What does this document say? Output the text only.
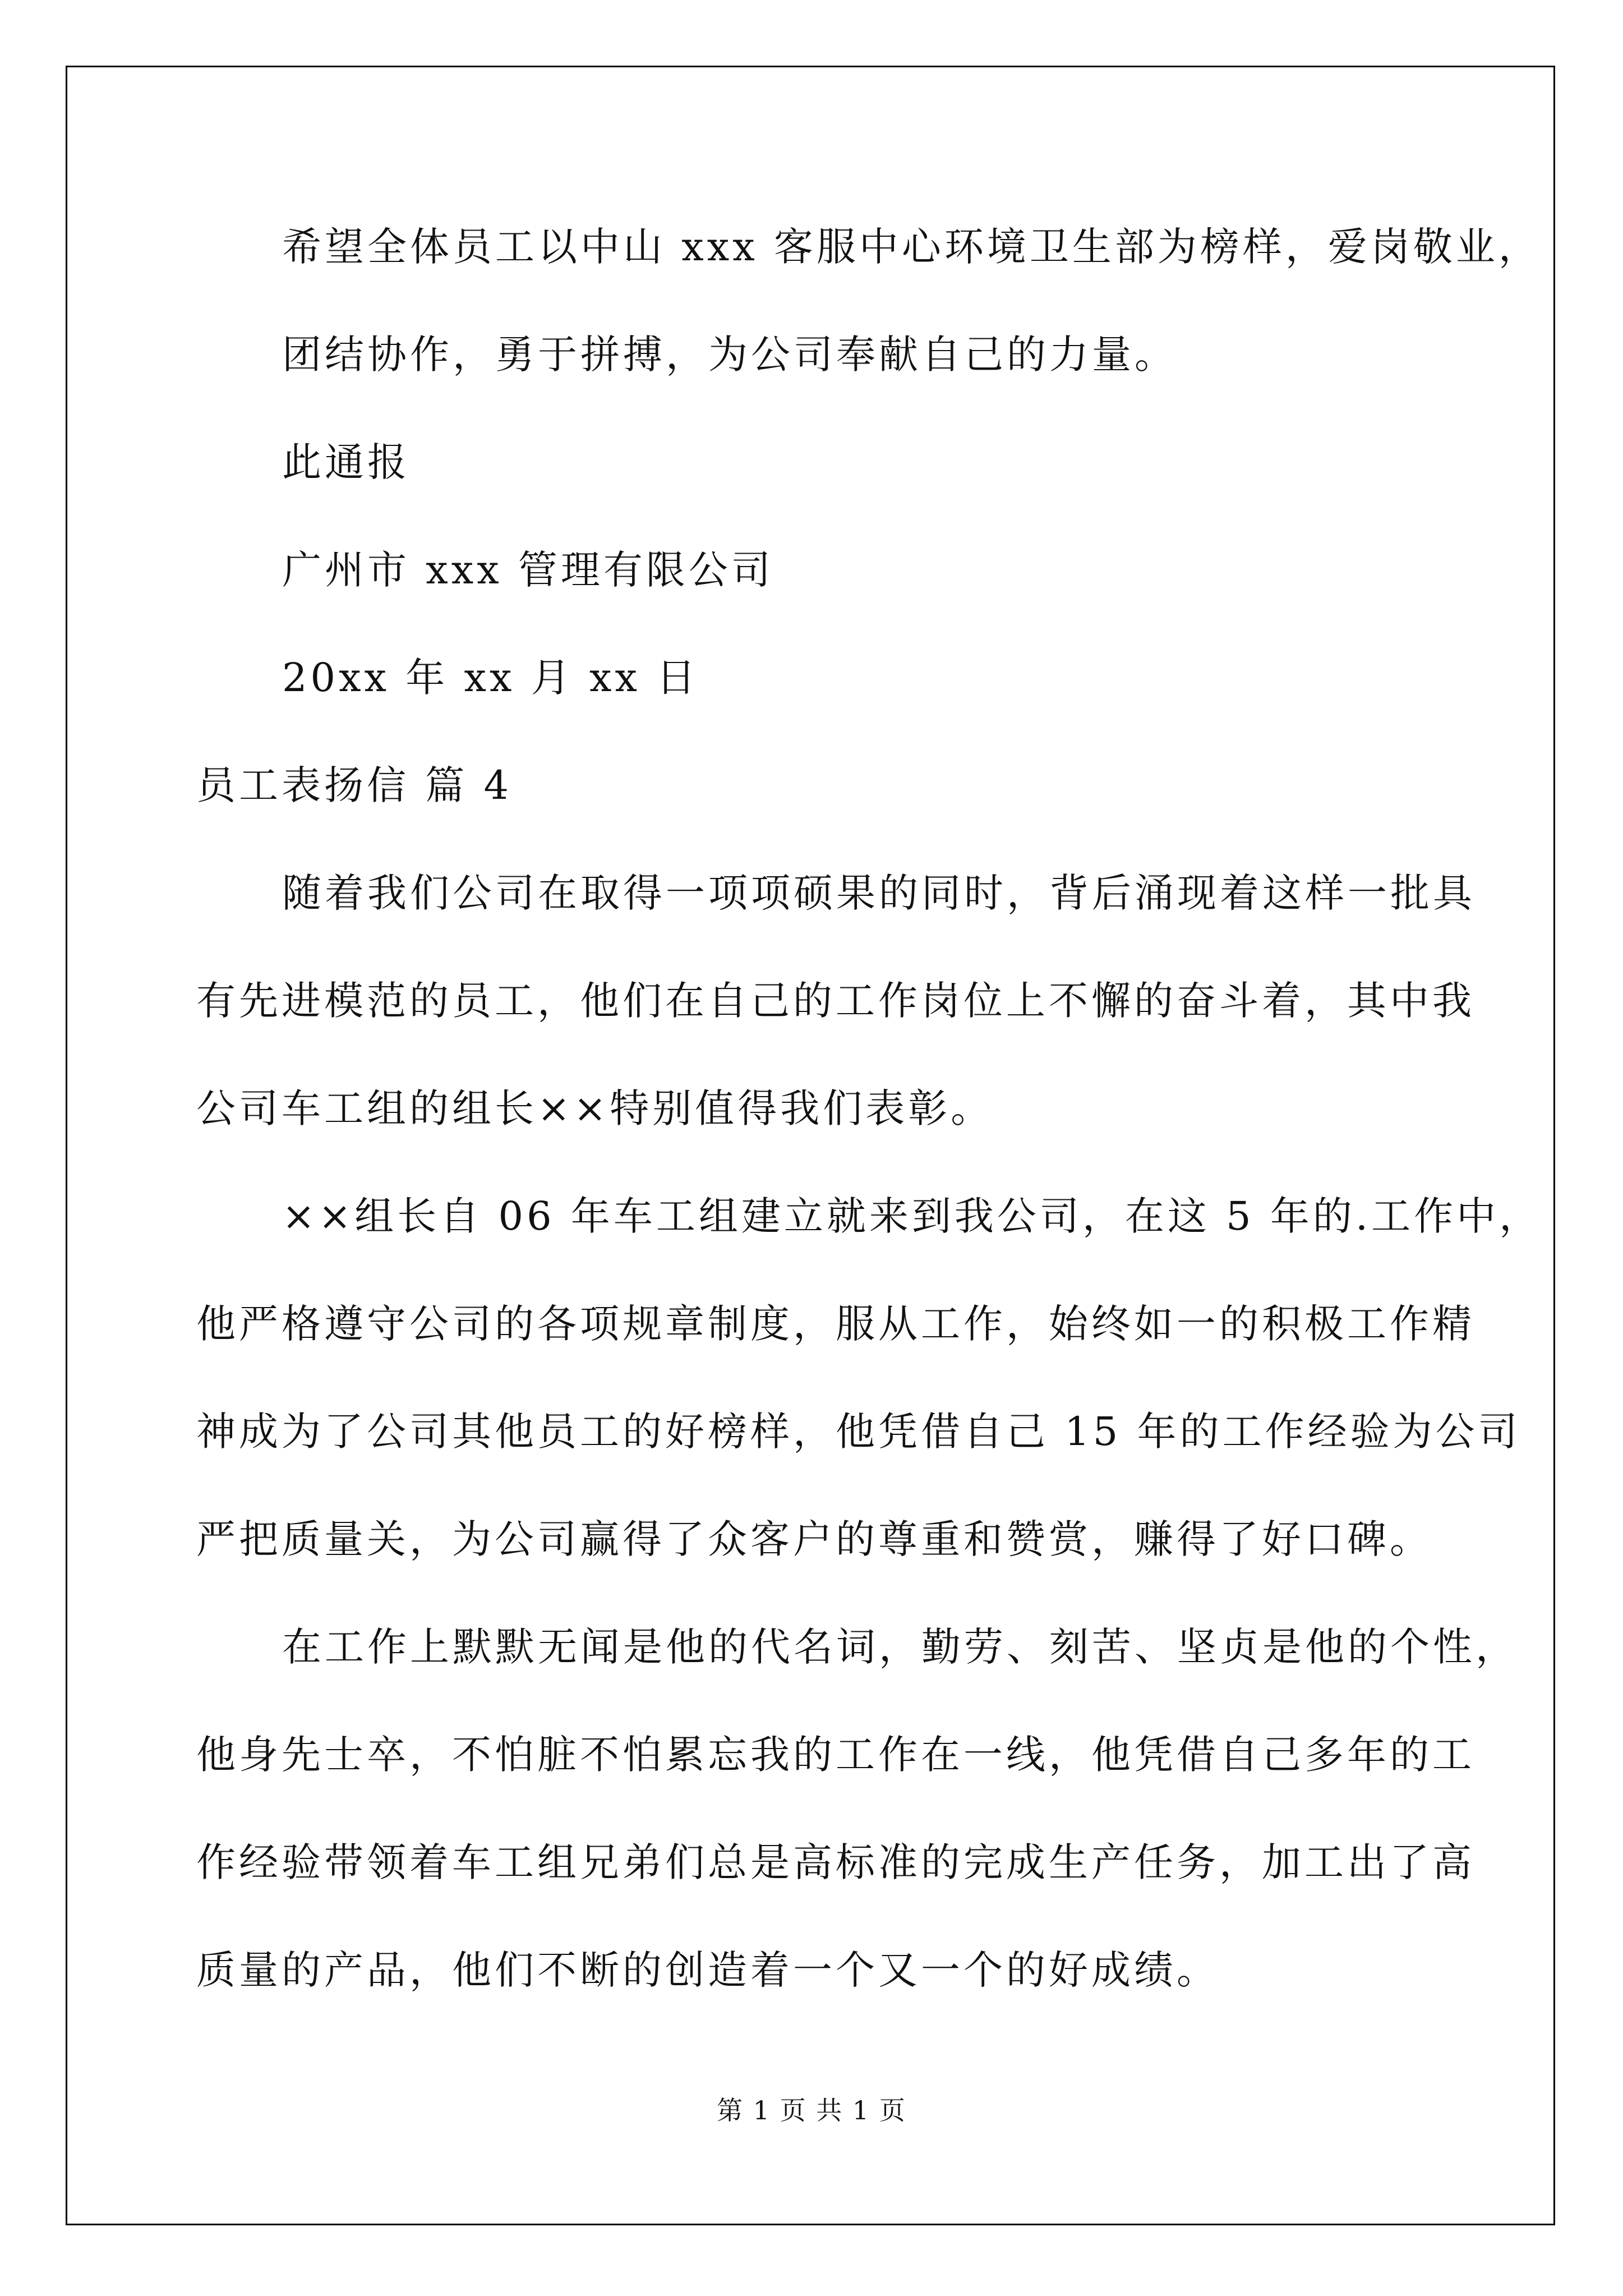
希望全体员工以中山 xxx 客服中心环境卫生部为榜样，爱岗敬业，
团结协作，勇于拼搏，为公司奉献自己的力量。
此通报
广州市 xxx 管理有限公司
20xx 年 xx 月 xx 日
员工表扬信 篇 4
随着我们公司在取得一项项硕果的同时，背后涌现着这样一批具
有先进模范的员工，他们在自己的工作岗位上不懈的奋斗着，其中我
公司车工组的组长××特别值得我们表彰。
××组长自 06 年车工组建立就来到我公司，在这 5 年的.工作中，
他严格遵守公司的各项规章制度，服从工作，始终如一的积极工作精
神成为了公司其他员工的好榜样，他凭借自己 15 年的工作经验为公司
严把质量关，为公司赢得了众客户的尊重和赞赏，赚得了好口碑。
在工作上默默无闻是他的代名词，勤劳、刻苦、坚贞是他的个性，
他身先士卒，不怕脏不怕累忘我的工作在一线，他凭借自己多年的工
作经验带领着车工组兄弟们总是高标准的完成生产任务，加工出了高
质量的产品，他们不断的创造着一个又一个的好成绩。
第 1 页 共 1 页
